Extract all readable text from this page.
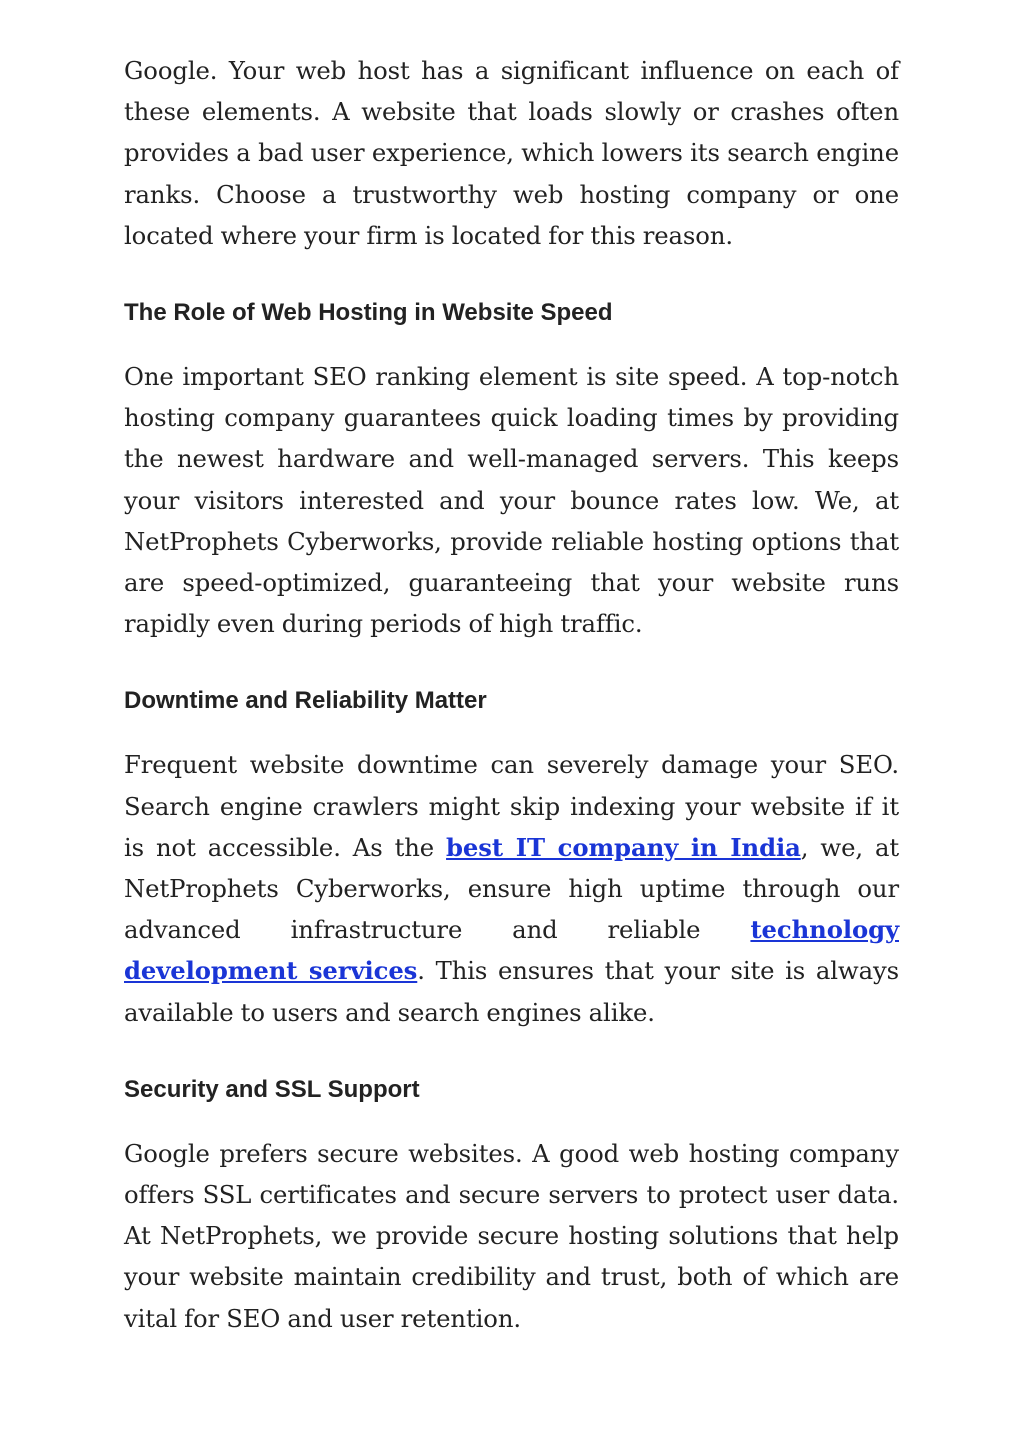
Google. Your web host has a significant influence on each of these elements. A website that loads slowly or crashes often provides a bad user experience, which lowers its search engine ranks. Choose a trustworthy web hosting company or one located where your firm is located for this reason.

The Role of Web Hosting in Website Speed

One important SEO ranking element is site speed. A top-notch hosting company guarantees quick loading times by providing the newest hardware and well-managed servers. This keeps your visitors interested and your bounce rates low. We, at NetProphets Cyberworks, provide reliable hosting options that are speed-optimized, guaranteeing that your website runs rapidly even during periods of high traffic.

Downtime and Reliability Matter

Frequent website downtime can severely damage your SEO. Search engine crawlers might skip indexing your website if it is not accessible. As the best IT company in India, we, at NetProphets Cyberworks, ensure high uptime through our advanced infrastructure and reliable technology development services. This ensures that your site is always available to users and search engines alike.

Security and SSL Support

Google prefers secure websites. A good web hosting company offers SSL certificates and secure servers to protect user data. At NetProphets, we provide secure hosting solutions that help your website maintain credibility and trust, both of which are vital for SEO and user retention.
